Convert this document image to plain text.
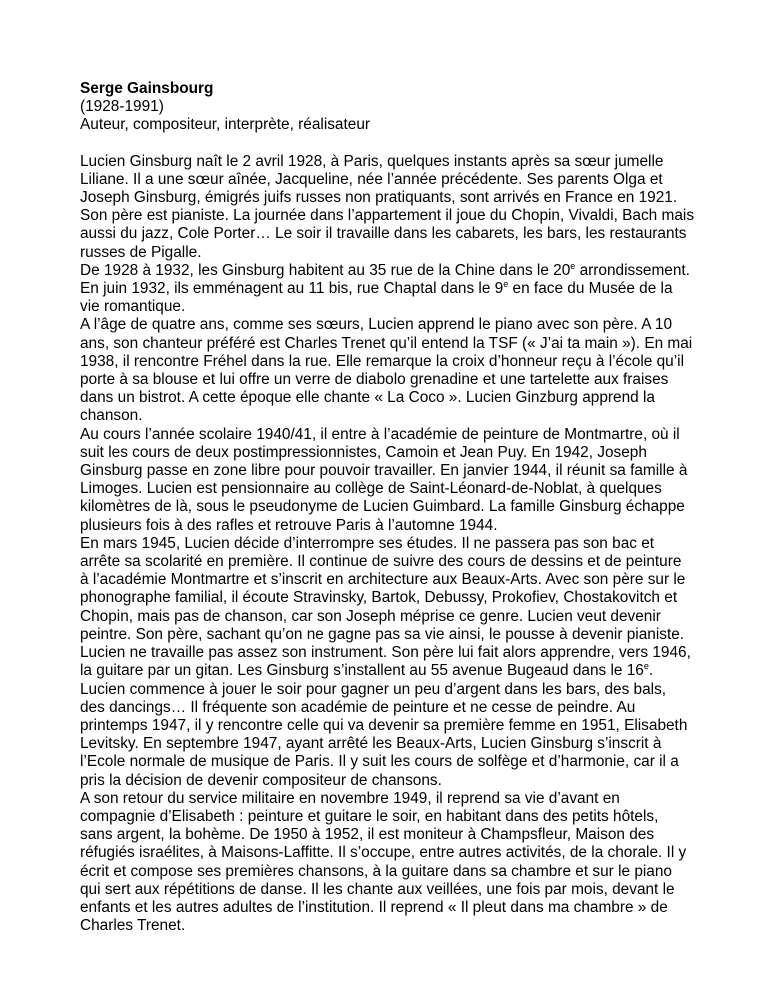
Serge Gainsbourg
(1928-1991)
Auteur, compositeur, interprète, réalisateur

Lucien Ginsburg naît le 2 avril 1928, à Paris, quelques instants après sa sœur jumelle Liliane. Il a une sœur aînée, Jacqueline, née l’année précédente. Ses parents Olga et Joseph Ginsburg, émigrés juifs russes non pratiquants, sont arrivés en France en 1921. Son père est pianiste. La journée dans l’appartement il joue du Chopin, Vivaldi, Bach mais aussi du jazz, Cole Porter… Le soir il travaille dans les cabarets, les bars, les restaurants russes de Pigalle.

De 1928 à 1932, les Ginsburg habitent au 35 rue de la Chine dans le 20e arrondissement. En juin 1932, ils emménagent au 11 bis, rue Chaptal dans le 9e en face du Musée de la vie romantique.

A l’âge de quatre ans, comme ses sœurs, Lucien apprend le piano avec son père. A 10 ans, son chanteur préféré est Charles Trenet qu’il entend la TSF (« J’ai ta main »). En mai 1938, il rencontre Fréhel dans la rue. Elle remarque la croix d’honneur reçu à l’école qu’il porte à sa blouse et lui offre un verre de diabolo grenadine et une tartelette aux fraises dans un bistrot. A cette époque elle chante « La Coco ». Lucien Ginzburg apprend la chanson.

Au cours l’année scolaire 1940/41, il entre à l’académie de peinture de Montmartre, où il suit les cours de deux postimpressionnistes, Camoin et Jean Puy. En 1942, Joseph Ginsburg passe en zone libre pour pouvoir travailler. En janvier 1944, il réunit sa famille à Limoges. Lucien est pensionnaire au collège de Saint-Léonard-de-Noblat, à quelques kilomètres de là, sous le pseudonyme de Lucien Guimbard. La famille Ginsburg échappe plusieurs fois à des rafles et retrouve Paris à l’automne 1944.

En mars 1945, Lucien décide d’interrompre ses études. Il ne passera pas son bac et arrête sa scolarité en première. Il continue de suivre des cours de dessins et de peinture à l’académie Montmartre et s’inscrit en architecture aux Beaux-Arts. Avec son père sur le phonographe familial, il écoute Stravinsky, Bartok, Debussy, Prokofiev, Chostakovitch et Chopin, mais pas de chanson, car son Joseph méprise ce genre. Lucien veut devenir peintre. Son père, sachant qu’on ne gagne pas sa vie ainsi, le pousse à devenir pianiste. Lucien ne travaille pas assez son instrument. Son père lui fait alors apprendre, vers 1946, la guitare par un gitan. Les Ginsburg s’installent au 55 avenue Bugeaud dans le 16e.

Lucien commence à jouer le soir pour gagner un peu d’argent dans les bars, des bals, des dancings… Il fréquente son académie de peinture et ne cesse de peindre. Au printemps 1947, il y rencontre celle qui va devenir sa première femme en 1951, Elisabeth Levitsky. En septembre 1947, ayant arrêté les Beaux-Arts, Lucien Ginsburg s’inscrit à l’Ecole normale de musique de Paris. Il y suit les cours de solfège et d’harmonie, car il a pris la décision de devenir compositeur de chansons.

A son retour du service militaire en novembre 1949, il reprend sa vie d’avant en compagnie d’Elisabeth : peinture et guitare le soir, en habitant dans des petits hôtels, sans argent, la bohème. De 1950 à 1952, il est moniteur à Champsfleur, Maison des réfugiés israélites, à Maisons-Laffitte. Il s’occupe, entre autres activités, de la chorale. Il y écrit et compose ses premières chansons, à la guitare dans sa chambre et sur le piano qui sert aux répétitions de danse. Il les chante aux veillées, une fois par mois, devant le enfants et les autres adultes de l’institution. Il reprend « Il pleut dans ma chambre » de Charles Trenet.
